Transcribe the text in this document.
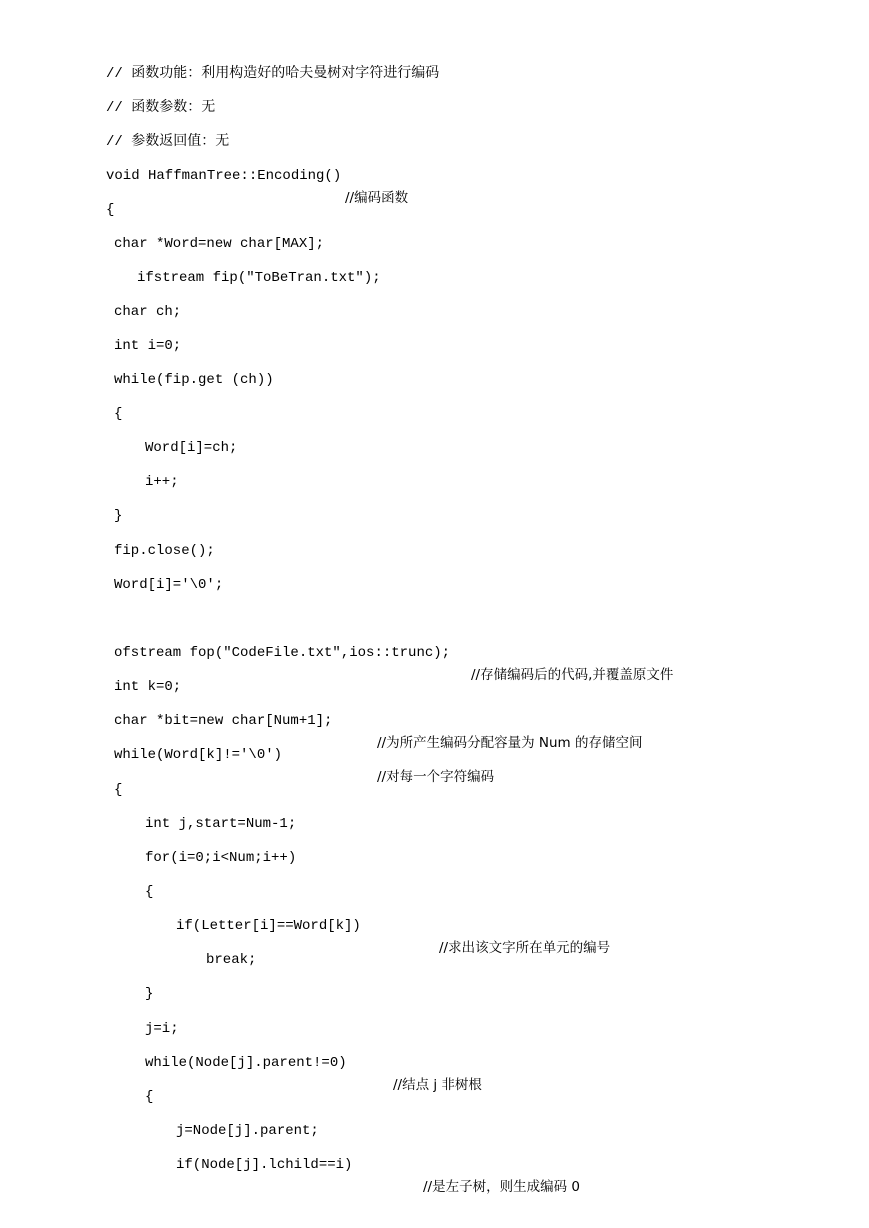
// 函数功能：利用构造好的哈夫曼树对字符进行编码

// 函数参数：无

// 参数返回值：无

void HaffmanTree::Encoding()

//编码函数

{

char *Word=new char[MAX];

ifstream fip("ToBeTran.txt");

char ch;

int i=0;

while(fip.get (ch))

{

Word[i]=ch;

i++;

}

fip.close();

Word[i]='\0';

ofstream fop("CodeFile.txt",ios::trunc);

//存储编码后的代码,并覆盖原文件

int k=0;

char *bit=new char[Num+1];

//为所产生编码分配容量为 Num 的存储空间

while(Word[k]!='\0')

//对每一个字符编码

{

int j,start=Num-1;

for(i=0;i<Num;i++)

{

if(Letter[i]==Word[k])

//求出该文字所在单元的编号

break;

}

j=i;

while(Node[j].parent!=0)

//结点 j 非树根

{

j=Node[j].parent;

if(Node[j].lchild==i)

//是左子树，则生成编码 0
